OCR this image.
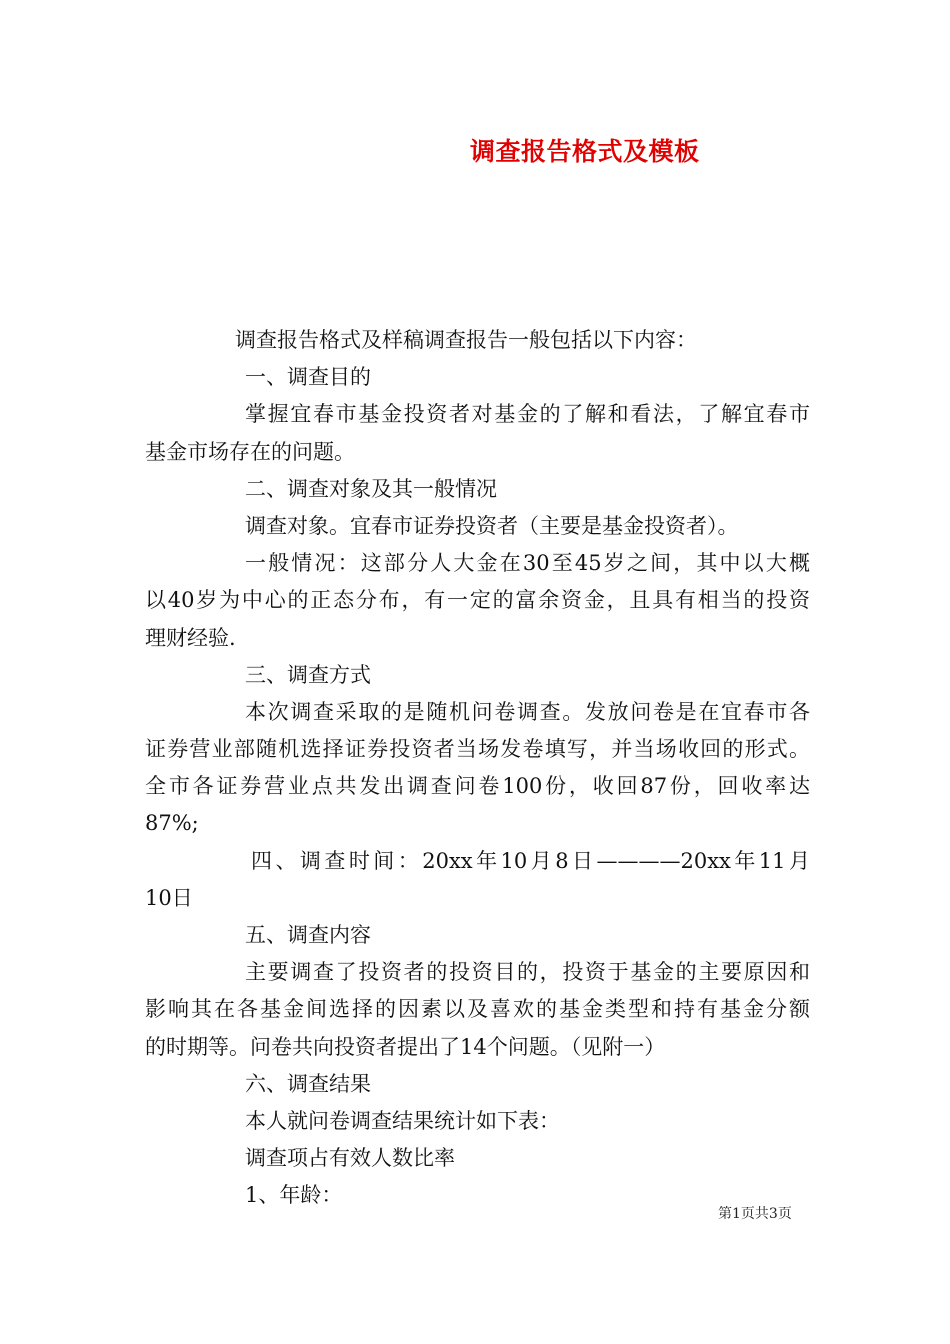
调查报告格式及模板
调查报告格式及样稿调查报告一般包括以下内容：
一、调查目的
掌握宜春市基金投资者对基金的了解和看法，了解宜春市
基金市场存在的问题。
二、调查对象及其一般情况
调查对象。宜春市证券投资者（主要是基金投资者）。
一般情况：这部分人大金在30至45岁之间，其中以大概
以40岁为中心的正态分布，有一定的富余资金，且具有相当的投资
理财经验.
三、调查方式
本次调查采取的是随机问卷调查。发放问卷是在宜春市各
证券营业部随机选择证券投资者当场发卷填写，并当场收回的形式。
全市各证券营业点共发出调查问卷100份，收回87份，回收率达
87%;
四、调查时间：20xx年10月8日————20xx年11月
10日
五、调查内容
主要调查了投资者的投资目的，投资于基金的主要原因和
影响其在各基金间选择的因素以及喜欢的基金类型和持有基金分额
的时期等。问卷共向投资者提出了14个问题。（见附一）
六、调查结果
本人就问卷调查结果统计如下表：
调查项占有效人数比率
1、年龄：
第1页共3页
